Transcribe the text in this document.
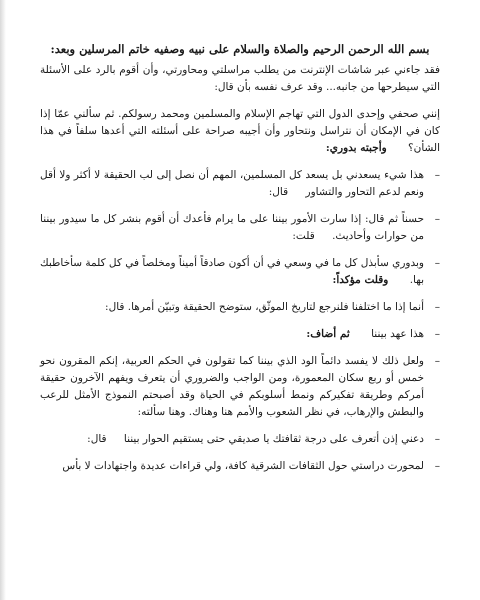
بسم الله الرحمن الرحيم والصلاة والسلام على نبيه وصفيه خاتم المرسلين وبعد:

فقد جاءني عبر شاشات الإنترنت من يطلب مراسلتي ومحاورتي، وأن أقوم بالرد على الأسئلة التي سيطرحها من جانبه... وقد عرف نفسه بأن قال:

إنني صحفي وإحدى الدول التي تهاجم الإسلام والمسلمين ومحمد رسولكم. ثم سألني عمّا إذا كان في الإمكان أن نتراسل ونتحاور وأن أجيبه صراحة على أسئلته التي أعدها سلفاً في هذا الشأن؟ وأجبته بدوري:

–
هذا شيء يسعدني بل يسعد كل المسلمين، المهم أن نصل إلى لب الحقيقة لا أكثر ولا أقل ونعم لدعم التحاور والتشاور قال:
–
حسناً ثم قال: إذا سارت الأمور بيننا على ما يرام فأعدك أن أقوم بنشر كل ما سيدور بيننا من حوارات وأحاديث. قلت:
–
وبدوري سأبذل كل ما في وسعي في أن أكون صادقاً أميناً ومخلصاً في كل كلمة سأخاطبك بها. وقلت مؤكداً:
–
أنما إذا ما اختلفنا فلنرجع لتاريخ الموثّق، ستوضح الحقيقة وتبيّن أمرها. قال:
–
هذا عهد بيننا ثم أضاف:
–
ولعل ذلك لا يفسد دائماً الود الذي بيننا كما تقولون في الحكم العربية، إنكم المقرون نحو خمس أو ربع سكان المعمورة، ومن الواجب والضروري أن يتعرف ويفهم الآخرون حقيقة أمركم وطريقة تفكيركم ونمط أسلوبكم في الحياة وقد أصبحتم النموذج الأمثل للرعب والبطش والإرهاب، في نظر الشعوب والأمم هنا وهناك. وهنا سألته:
–
دعني إذن أتعرف على درجة ثقافتك يا صديقي حتى يستقيم الحوار بيننا قال:
–
لمحورت دراستي حول الثقافات الشرقية كافة، ولي قراءات عديدة واجتهادات لا بأس
